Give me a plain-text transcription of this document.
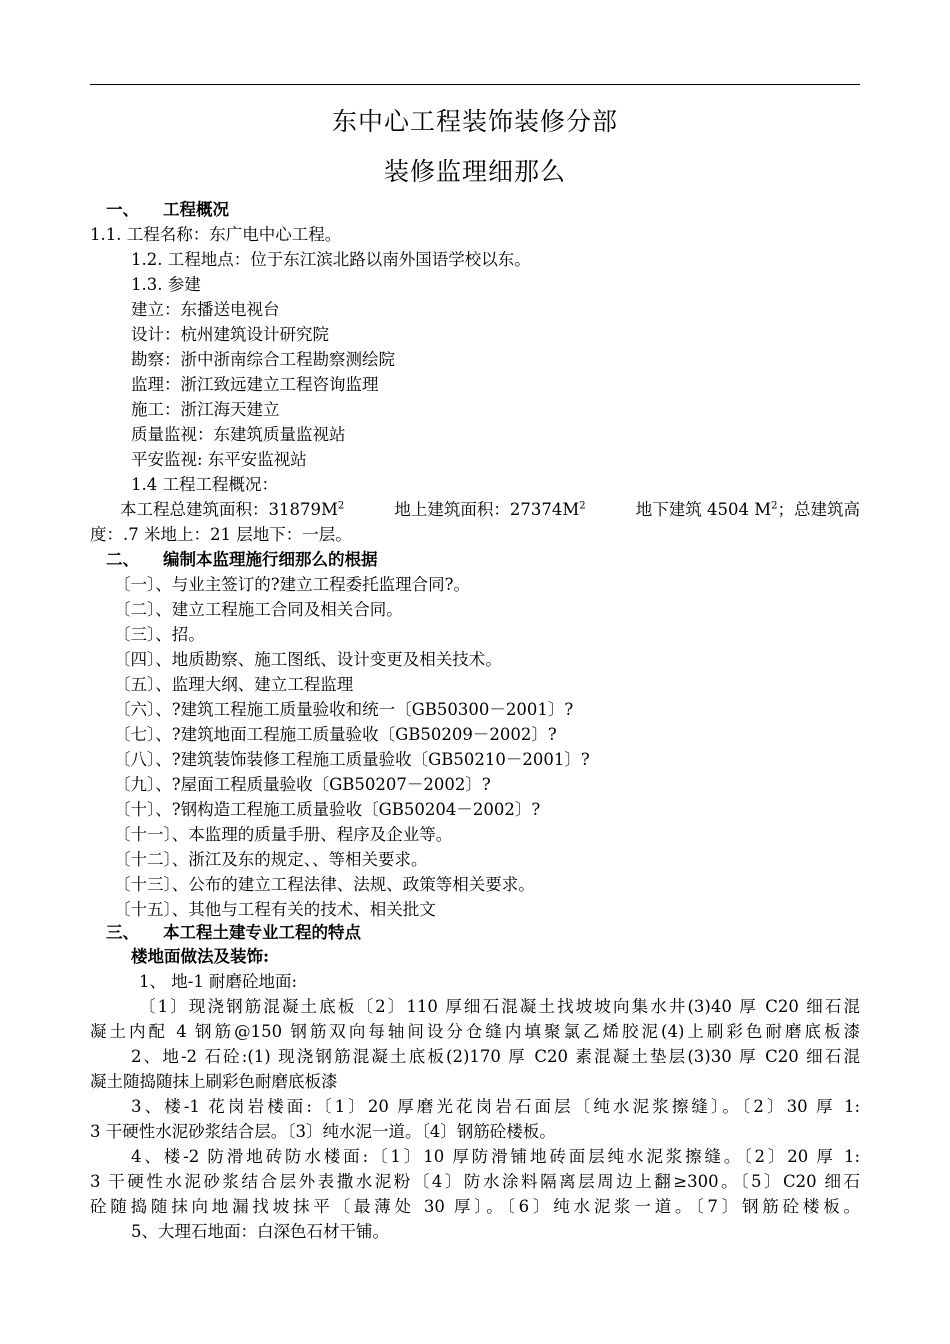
东中心工程装饰装修分部
装修监理细那么
一、 工程概况
1.1. 工程名称：东广电中心工程。
1.2. 工程地点：位于东江滨北路以南外国语学校以东。
1.3. 参建
建立：东播送电视台
设计：杭州建筑设计研究院
勘察：浙中浙南综合工程勘察测绘院
监理：浙江致远建立工程咨询监理
施工：浙江海天建立
质量监视：东建筑质量监视站
平安监视: 东平安监视站
1.4 工程工程概况：
本工程总建筑面积：$31879M^2$	地上建筑面积：$27374M^2$	地下建筑 4504 $M^2$；总建筑高
度：.7 米地上：21 层地下：一层。
二、 编制本监理施行细那么的根据
〔一〕、与业主签订的?建立工程委托监理合同?。
〔二〕、建立工程施工合同及相关合同。
〔三〕、招。
〔四〕、地质勘察、施工图纸、设计变更及相关技术。
〔五〕、监理大纲、建立工程监理
〔六〕、?建筑工程施工质量验收和统一〔GB50300－2001〕?
〔七〕、?建筑地面工程施工质量验收〔GB50209－2002〕?
〔八〕、?建筑装饰装修工程施工质量验收〔GB50210－2001〕?
〔九〕、?屋面工程质量验收〔GB50207－2002〕?
〔十〕、?钢构造工程施工质量验收〔GB50204－2002〕?
〔十一〕、本监理的质量手册、程序及企业等。
〔十二〕、浙江及东的规定、、等相关要求。
〔十三〕、公布的建立工程法律、法规、政策等相关要求。
〔十五〕、其他与工程有关的技术、相关批文
三、 本工程土建专业工程的特点
楼地面做法及装饰:
1、 地-1 耐磨砼地面:
〔1〕现浇钢筋混凝土底板〔2〕110 厚细石混凝土找坡坡向集水井(3)40 厚 C20 细石混
凝土内配 4 钢筋@150 钢筋双向每轴间设分仓缝内填聚氯乙烯胶泥(4)上刷彩色耐磨底板漆
2、地-2 石砼:(1) 现浇钢筋混凝土底板(2)170 厚 C20 素混凝土垫层(3)30 厚 C20 细石混
凝土随捣随抹上刷彩色耐磨底板漆
3、楼-1 花岗岩楼面:〔1〕20 厚磨光花岗岩石面层〔纯水泥浆擦缝〕。〔2〕30 厚 1:
3 干硬性水泥砂浆结合层。〔3〕纯水泥一道。〔4〕钢筋砼楼板。
4、楼-2 防滑地砖防水楼面:〔1〕10 厚防滑铺地砖面层纯水泥浆擦缝。〔2〕20 厚 1:
3 干硬性水泥砂浆结合层外表撒水泥粉〔4〕防水涂料隔离层周边上翻≥300。〔5〕C20 细石
砼随捣随抹向地漏找坡抹平〔最薄处 30 厚〕。〔6〕纯水泥浆一道。〔7〕钢筋砼楼板。
5、大理石地面：白深色石材干铺。
